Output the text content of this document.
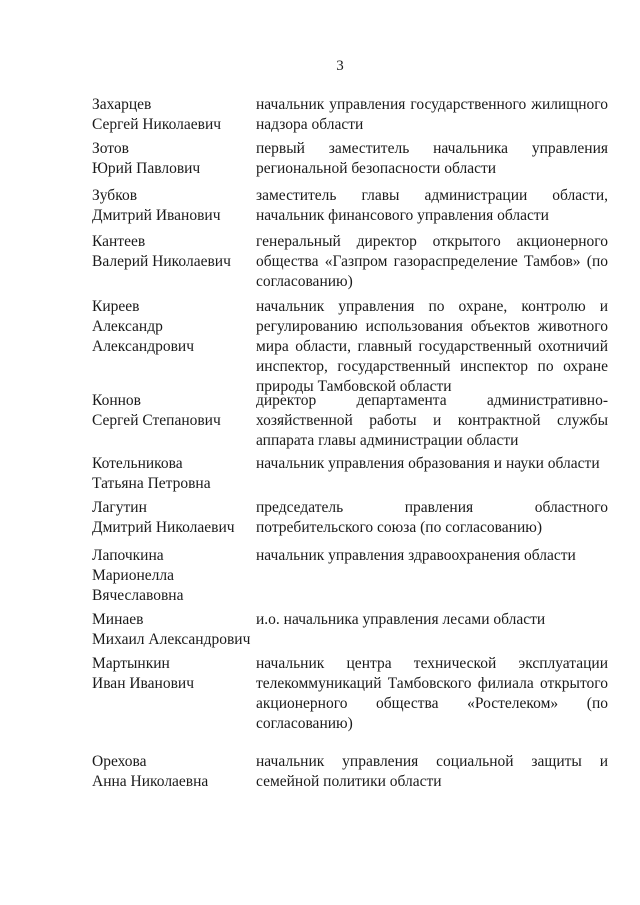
3
Захарцев
Сергей Николаевич
начальник управления государственного жилищного надзора области
Зотов
Юрий Павлович
первый заместитель начальника управления региональной безопасности области
Зубков
Дмитрий Иванович
заместитель главы администрации области, начальник финансового управления области
Кантеев
Валерий Николаевич
генеральный директор открытого акционерного общества «Газпром газораспределение Тамбов» (по согласованию)
Киреев
Александр
Александрович
начальник управления по охране, контролю и регулированию использования объектов животного мира области, главный государственный охотничий инспектор, государственный инспектор по охране природы Тамбовской области
Коннов
Сергей Степанович
директор департамента административно-хозяйственной работы и контрактной службы аппарата главы администрации области
Котельникова
Татьяна Петровна
начальник управления образования и науки области
Лагутин
Дмитрий Николаевич
председатель правления областного потребительского союза (по согласованию)
Лапочкина
Марионелла
Вячеславовна
начальник управления здравоохранения области
Минаев
Михаил Александрович
и.о. начальника управления лесами области
Мартынкин
Иван Иванович
начальник центра технической эксплуатации телекоммуникаций Тамбовского филиала открытого акционерного общества «Ростелеком» (по согласованию)
Орехова
Анна Николаевна
начальник управления социальной защиты и семейной политики области
